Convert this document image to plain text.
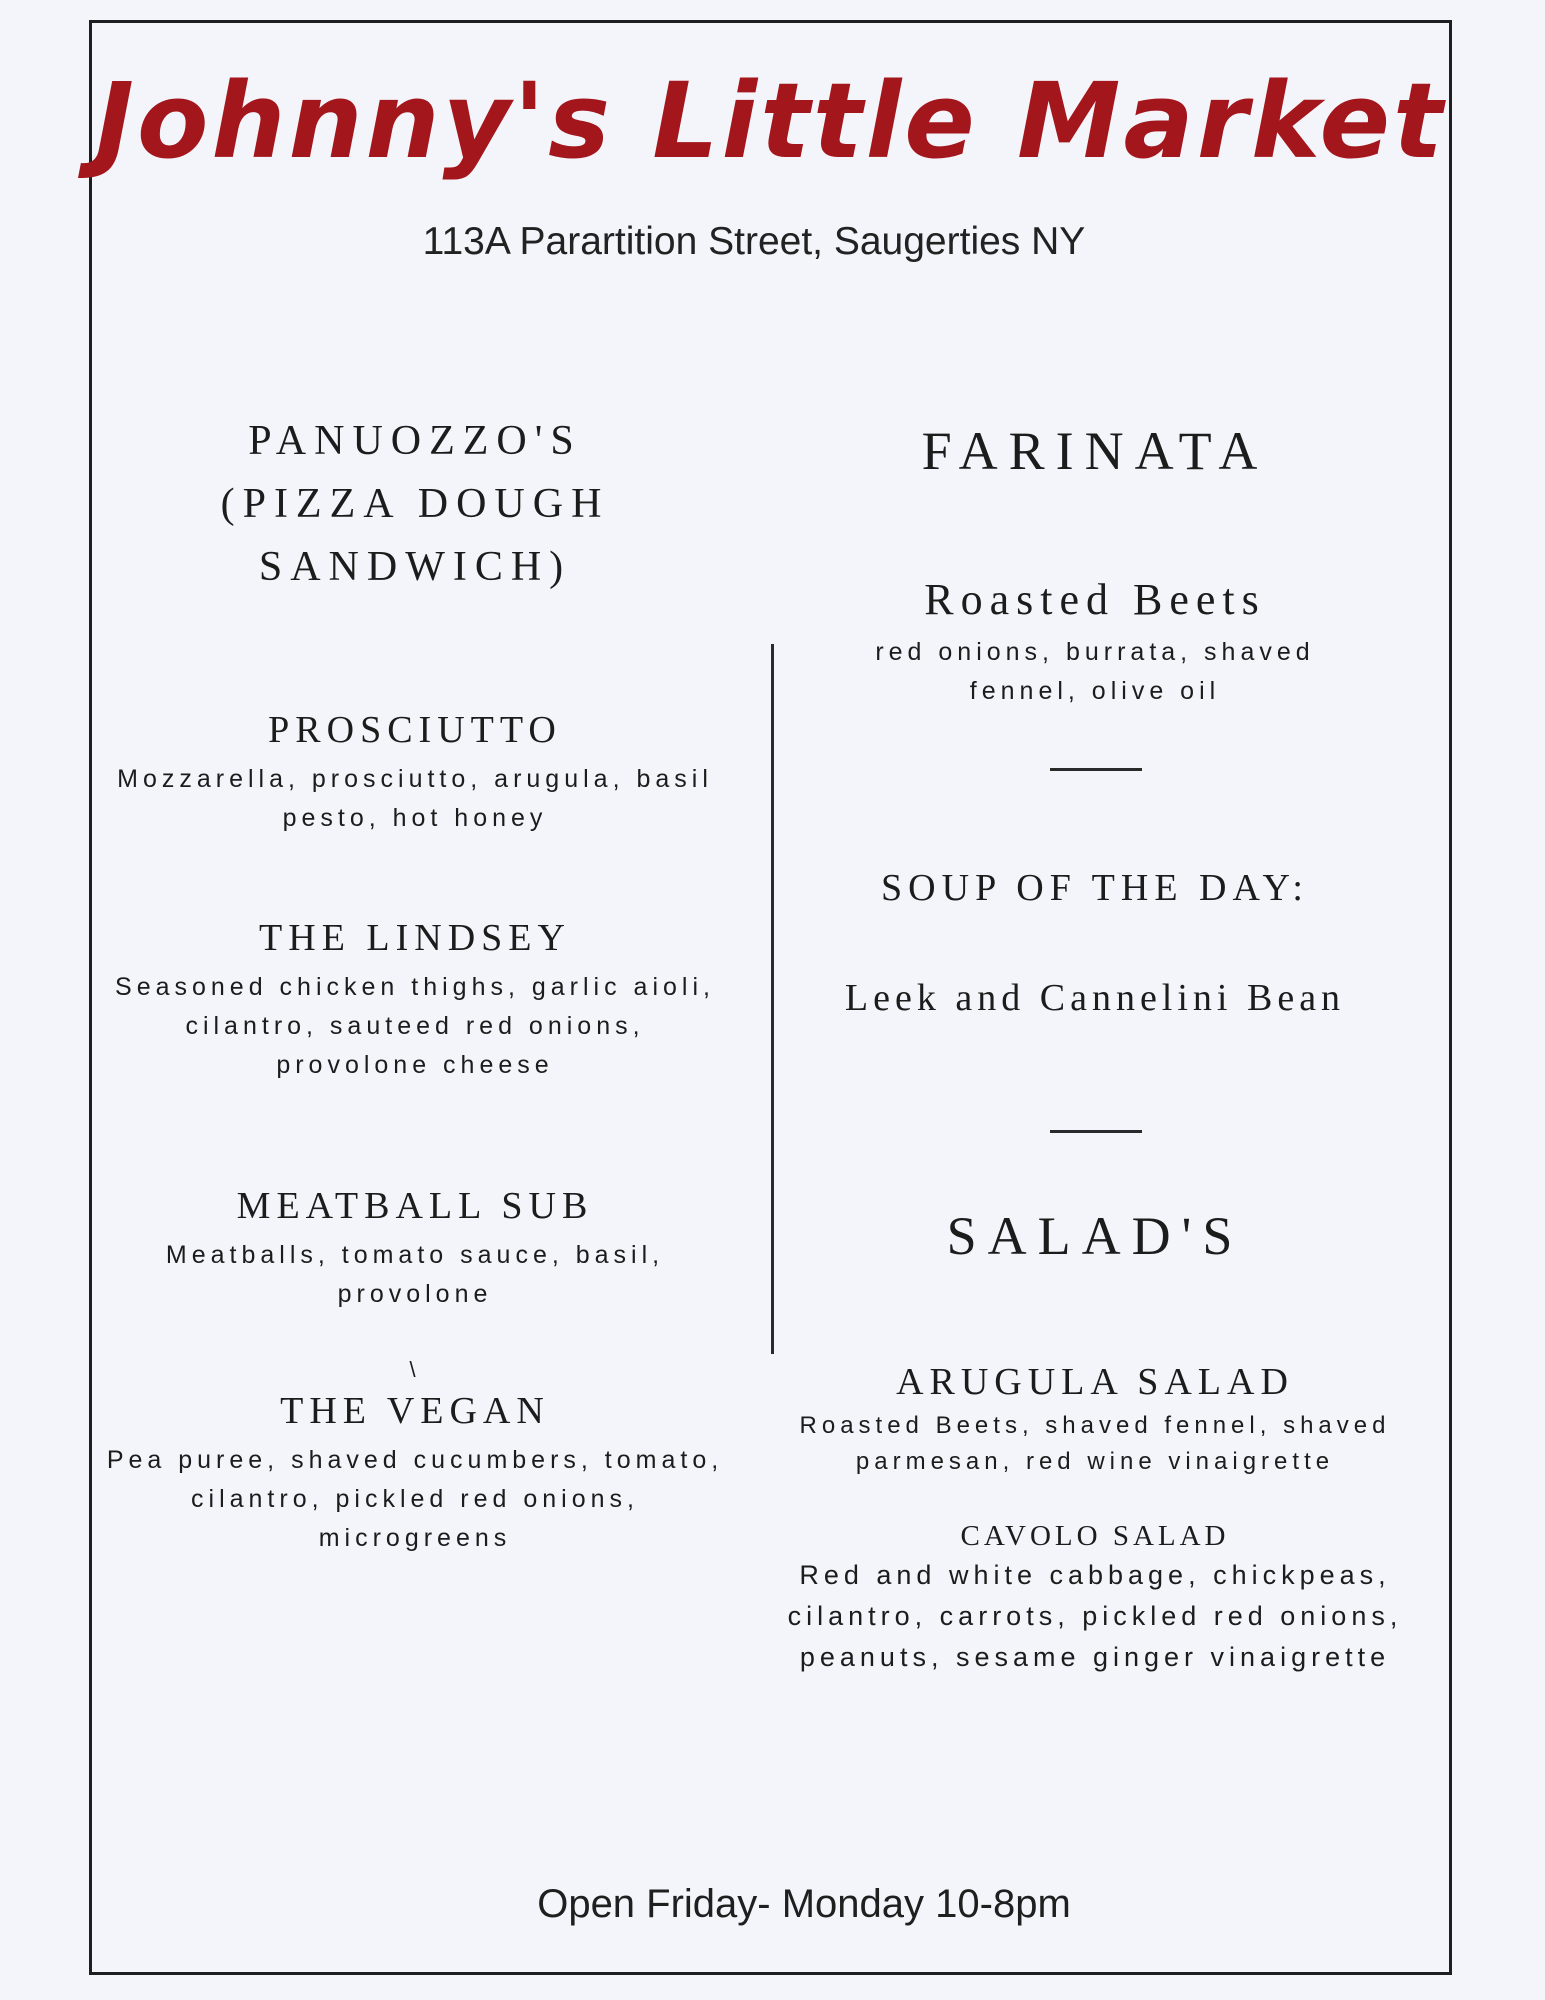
Johnny's Little Market
113A Parartition Street, Saugerties NY
PANUOZZO'S
(PIZZA DOUGH
SANDWICH)
PROSCIUTTO
Mozzarella, prosciutto, arugula, basil
pesto, hot honey
THE LINDSEY
Seasoned chicken thighs, garlic aioli,
cilantro, sauteed red onions,
provolone cheese
MEATBALL SUB
Meatballs, tomato sauce, basil,
provolone
\
THE VEGAN
Pea puree, shaved cucumbers, tomato,
cilantro, pickled red onions,
microgreens
FARINATA
Roasted Beets
red onions, burrata, shaved
fennel, olive oil
SOUP OF THE DAY:
Leek and Cannelini Bean
SALAD'S
ARUGULA SALAD
Roasted Beets, shaved fennel, shaved
parmesan, red wine vinaigrette
CAVOLO SALAD
Red and white cabbage, chickpeas,
cilantro, carrots, pickled red onions,
peanuts, sesame ginger vinaigrette
Open Friday- Monday 10-8pm
